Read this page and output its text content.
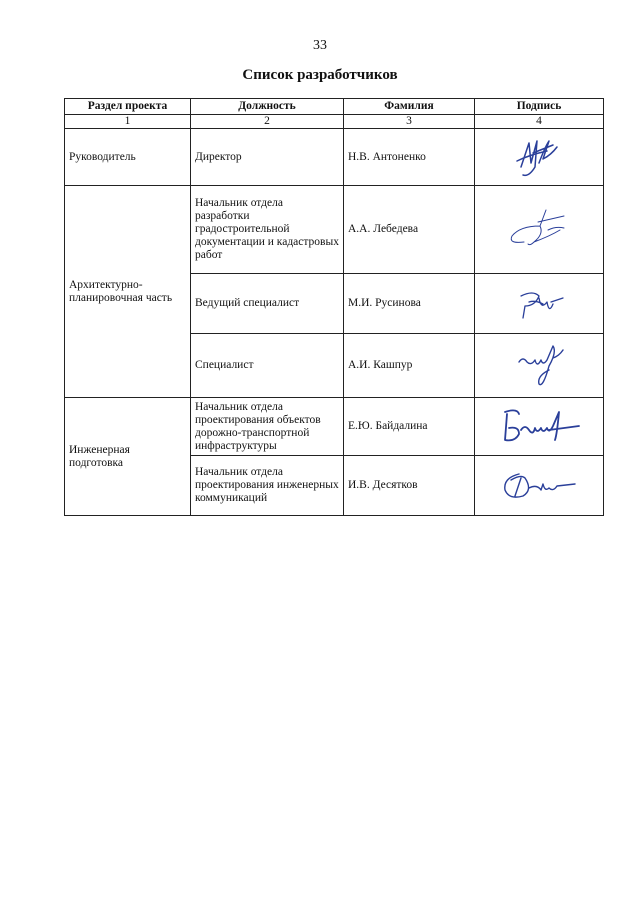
33
Список разработчиков
Раздел проекта	Должность	Фамилия	Подпись
1	2	3	4
Руководитель	Директор	Н.В. Антоненко	

Архитектурно-планировочная часть	Начальник отдела разработки градостроительной документации и кадастровых работ	А.А. Лебедева	

	Ведущий специалист	М.И. Русинова	

	Специалист	А.И. Кашпур	

Инженерная подготовка	Начальник отдела проектирования объектов дорожно-транспортной инфраструктуры	Е.Ю. Байдалина	

	Начальник отдела проектирования инженерных коммуникаций	И.В. Десятков	
